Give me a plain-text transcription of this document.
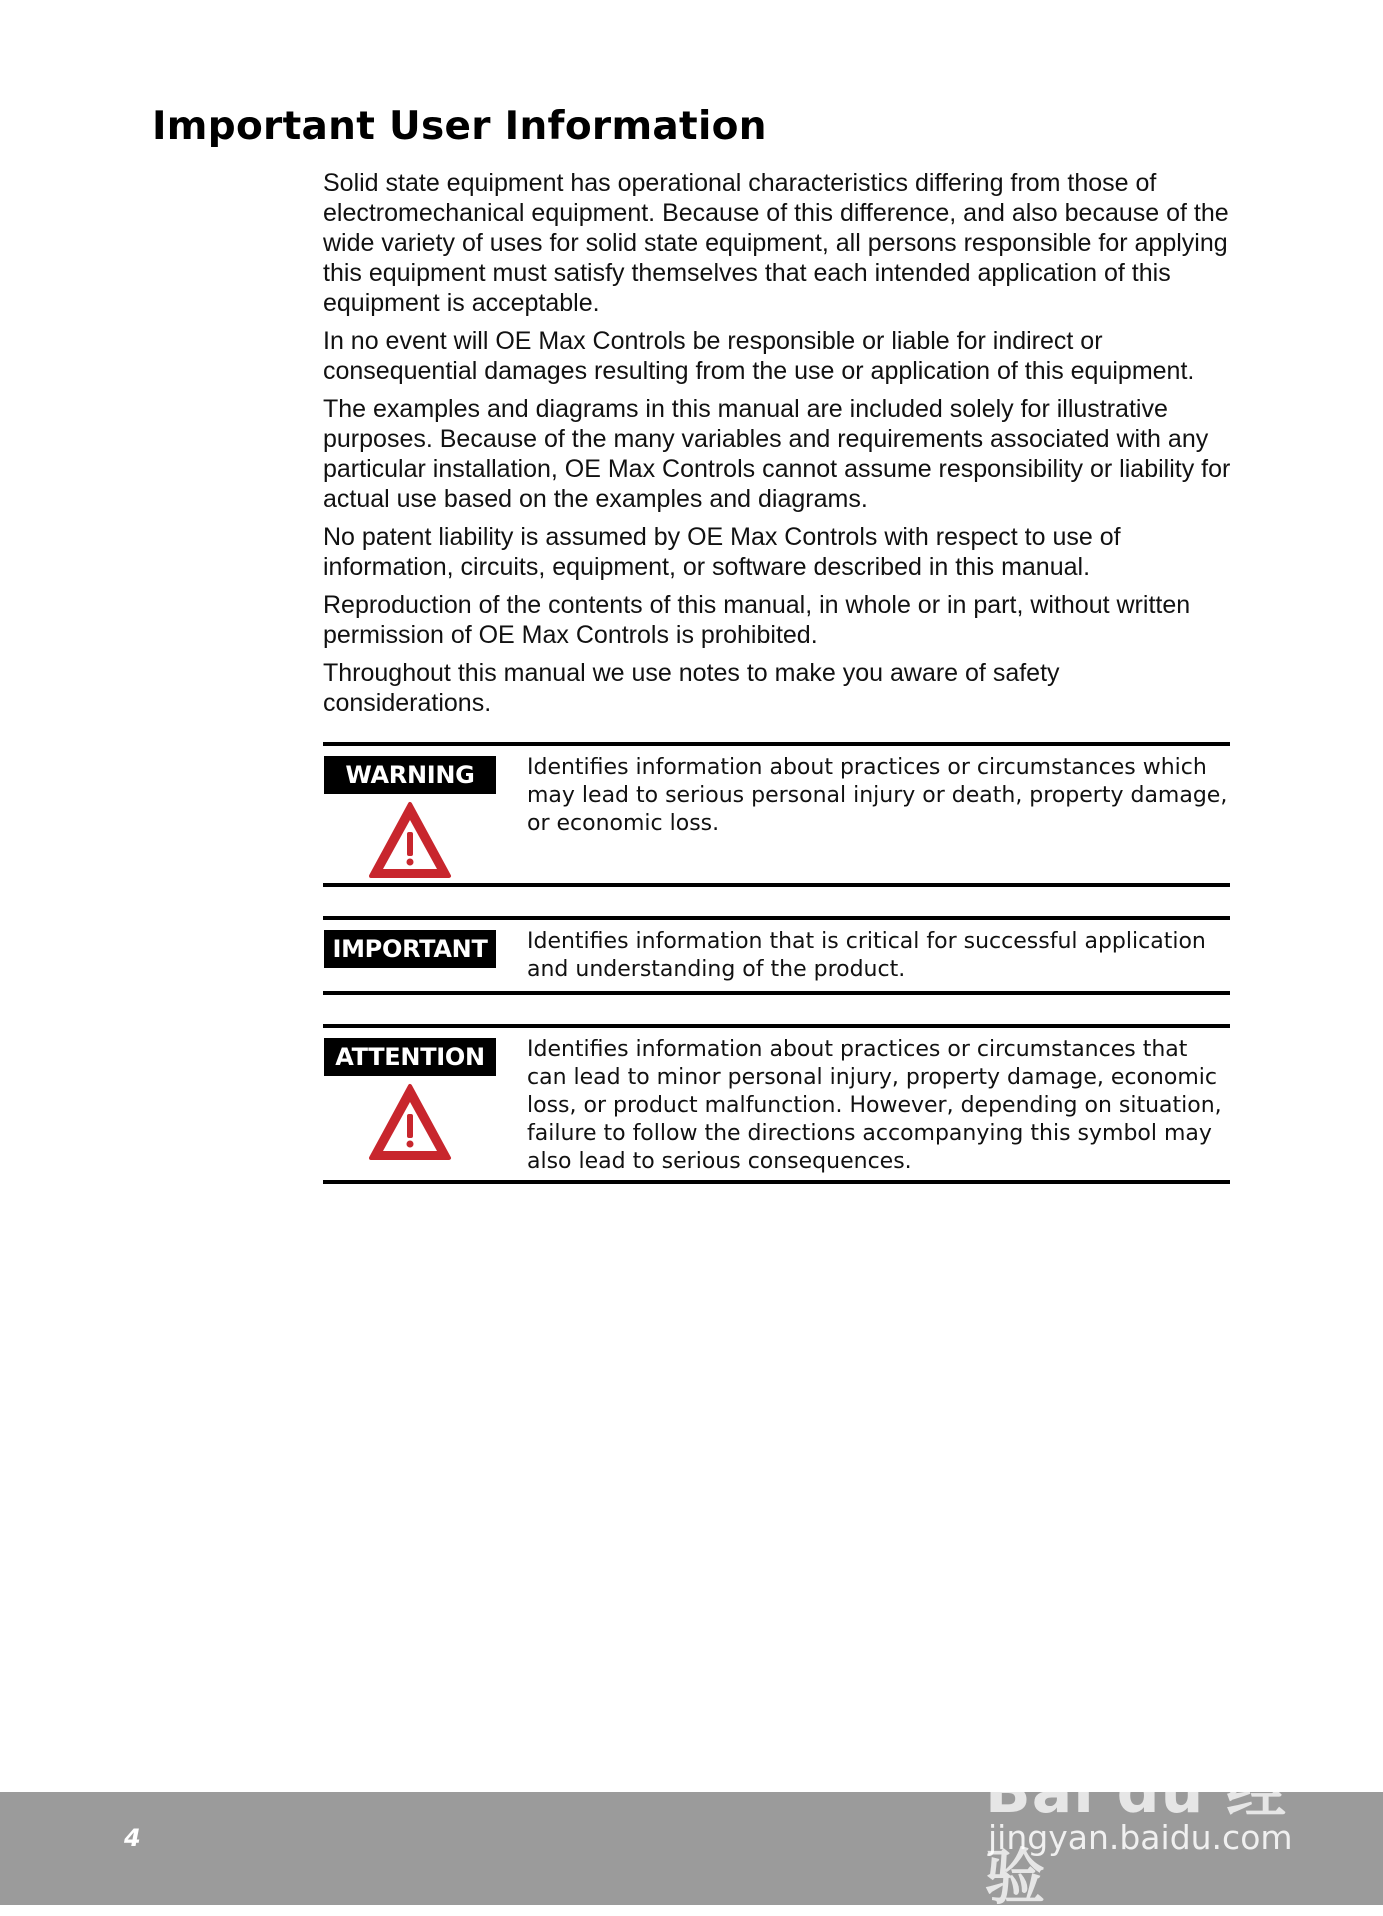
Important User Information

Solid state equipment has operational characteristics differing from those of electromechanical equipment. Because of this difference, and also because of the wide variety of uses for solid state equipment, all persons responsible for applying this equipment must satisfy themselves that each intended application of this equipment is acceptable.

In no event will OE Max Controls be responsible or liable for indirect or consequential damages resulting from the use or application of this equipment.

The examples and diagrams in this manual are included solely for illustrative purposes. Because of the many variables and requirements associated with any particular installation, OE Max Controls cannot assume responsibility or liability for actual use based on the examples and diagrams.

No patent liability is assumed by OE Max Controls with respect to use of information, circuits, equipment, or software described in this manual.

Reproduction of the contents of this manual, in whole or in part, without written permission of OE Max Controls is prohibited.

Throughout this manual we use notes to make you aware of safety considerations.

WARNING	Identifies information about practices or circumstances which may lead to serious personal injury or death, property damage, or economic loss.
IMPORTANT	Identifies information that is critical for successful application and understanding of the product.
ATTENTION	Identifies information about practices or circumstances that can lead to minor personal injury, property damage, economic loss, or product malfunction. However, depending on situation, failure to follow the directions accompanying this symbol may also lead to serious consequences.
4
Bai du 经验
jingyan.baidu.com
